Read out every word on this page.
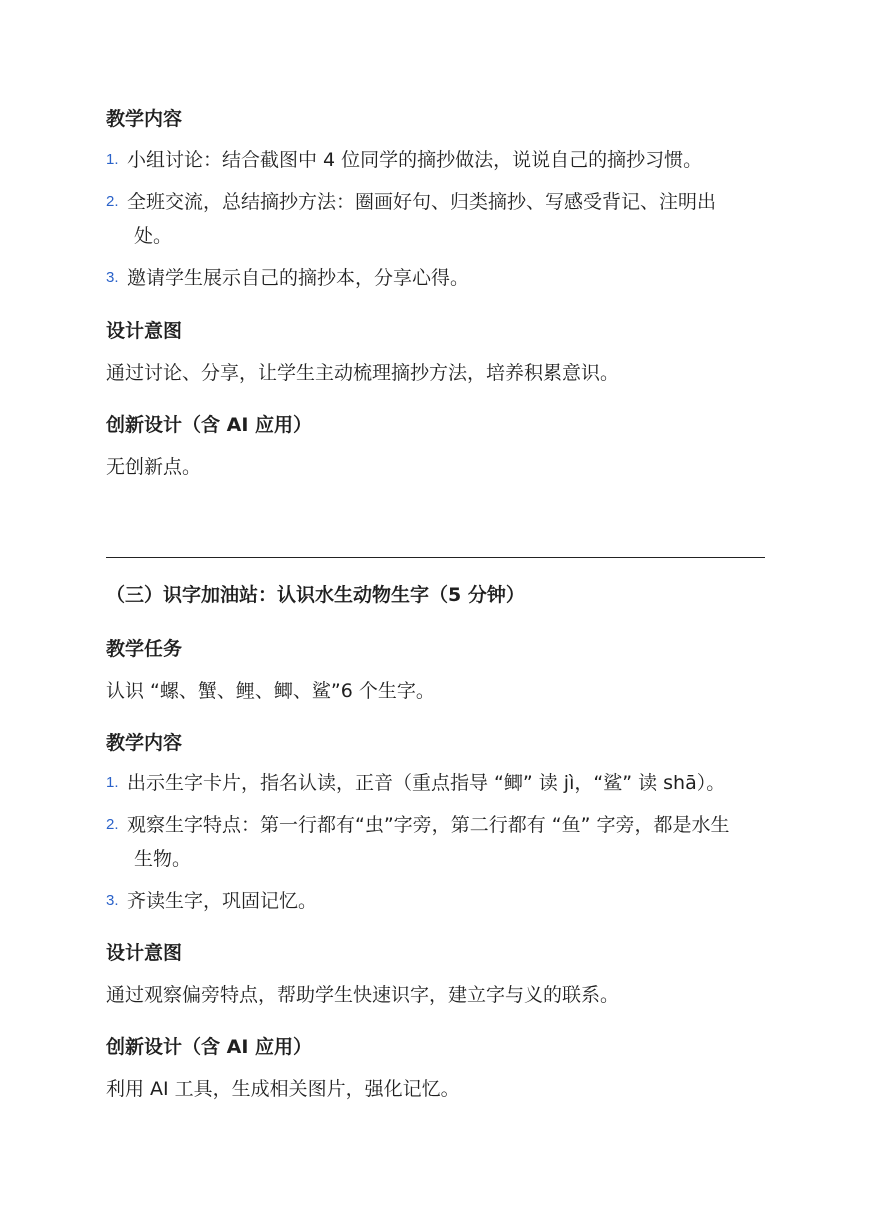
教学内容
1. 小组讨论：结合截图中 4 位同学的摘抄做法，说说自己的摘抄习惯。
2. 全班交流，总结摘抄方法：圈画好句、归类摘抄、写感受背记、注明出
处。
3. 邀请学生展示自己的摘抄本，分享心得。
设计意图
通过讨论、分享，让学生主动梳理摘抄方法，培养积累意识。
创新设计（含 AI 应用）
无创新点。
（三）识字加油站：认识水生动物生字（5 分钟）
教学任务
认识 “螺、蟹、鲤、鲫、鲨”6 个生字。
教学内容
1. 出示生字卡片，指名认读，正音（重点指导 “鲫” 读 jì，“鲨” 读 shā）。
2. 观察生字特点：第一行都有“虫”字旁，第二行都有 “鱼” 字旁，都是水生
生物。
3. 齐读生字，巩固记忆。
设计意图
通过观察偏旁特点，帮助学生快速识字，建立字与义的联系。
创新设计（含 AI 应用）
利用 AI 工具，生成相关图片，强化记忆。
